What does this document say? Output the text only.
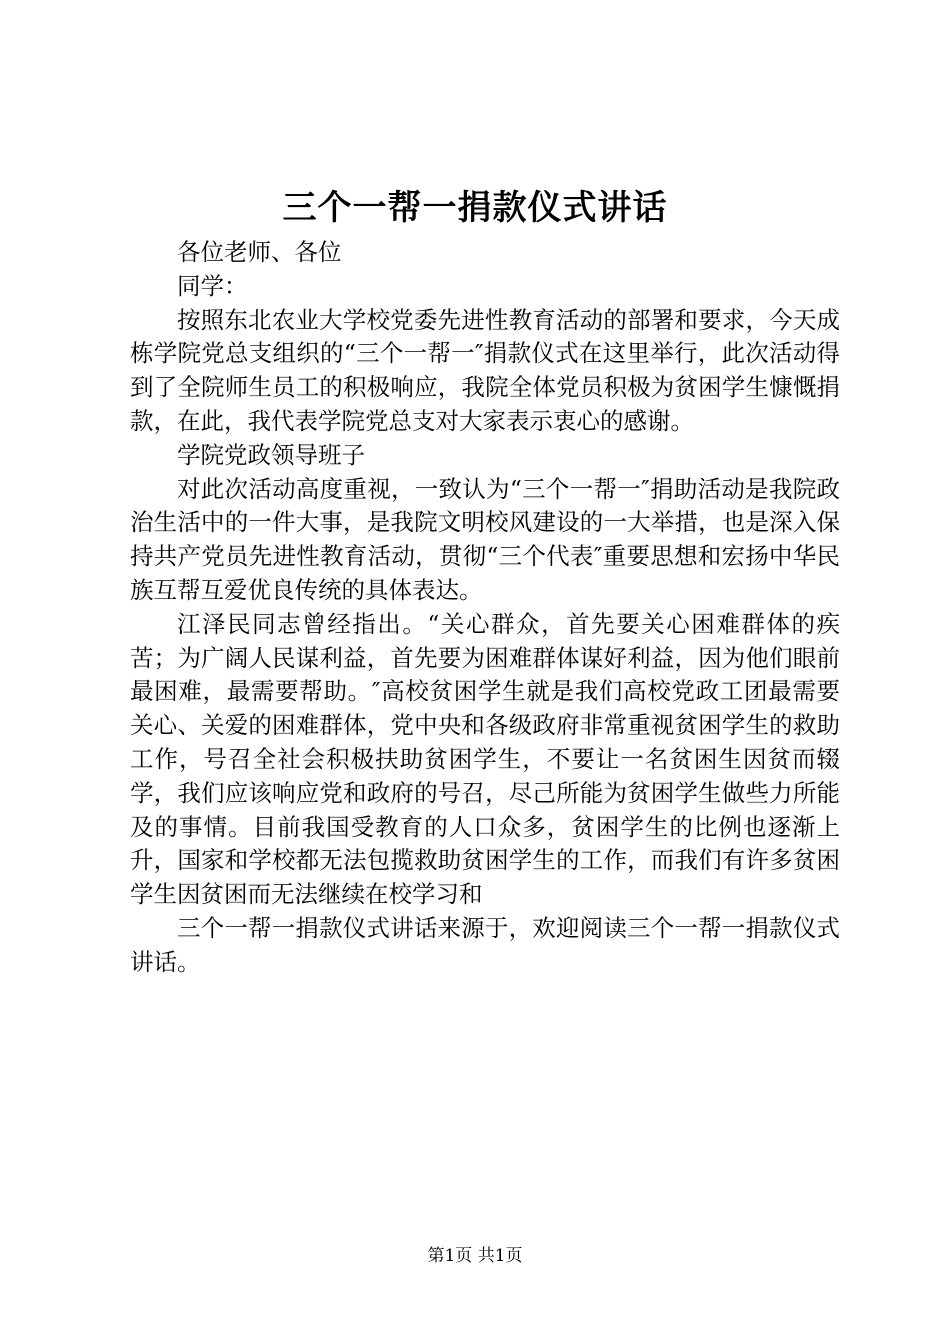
三个一帮一捐款仪式讲话

各位老师、各位

同学：

按照东北农业大学校党委先进性教育活动的部署和要求，今天成栋学院党总支组织的“三个一帮一″捐款仪式在这里举行，此次活动得到了全院师生员工的积极响应，我院全体党员积极为贫困学生慷慨捐款，在此，我代表学院党总支对大家表示衷心的感谢。

学院党政领导班子

对此次活动高度重视，一致认为“三个一帮一″捐助活动是我院政治生活中的一件大事，是我院文明校风建设的一大举措，也是深入保持共产党员先进性教育活动，贯彻“三个代表″重要思想和宏扬中华民族互帮互爱优良传统的具体表达。

江泽民同志曾经指出。“关心群众，首先要关心困难群体的疾苦；为广阔人民谋利益，首先要为困难群体谋好利益，因为他们眼前最困难，最需要帮助。″高校贫困学生就是我们高校党政工团最需要关心、关爱的困难群体，党中央和各级政府非常重视贫困学生的救助工作，号召全社会积极扶助贫困学生，不要让一名贫困生因贫而辍学，我们应该响应党和政府的号召，尽己所能为贫困学生做些力所能及的事情。目前我国受教育的人口众多，贫困学生的比例也逐渐上升，国家和学校都无法包揽救助贫困学生的工作，而我们有许多贫困学生因贫困而无法继续在校学习和

三个一帮一捐款仪式讲话来源于，欢迎阅读三个一帮一捐款仪式讲话。

第1页 共1页
